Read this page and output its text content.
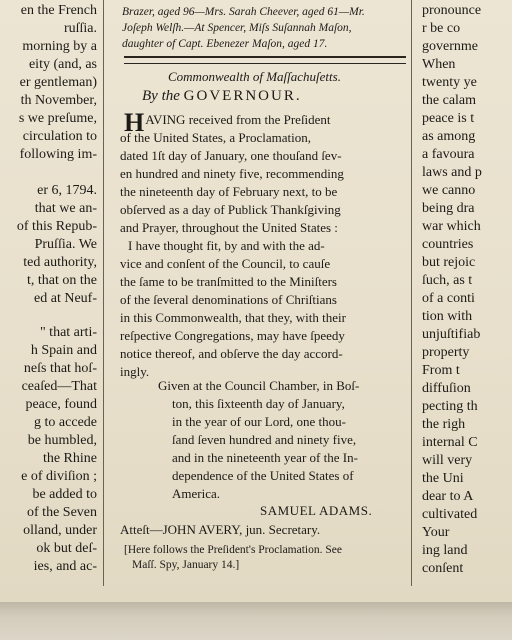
en the French
ruſſia.
morning by a
eity (and, as
er gentleman)
th November,
s we preſume,
circulation to
following im-
er 6, 1794.
that we an-
of this Repub-
Pruſſia. We
ted authority,
t, that on the
ed at Neuf-
" that arti-
h Spain and
neſs that hoſ-
ceaſed—That
peace, found
g to accede
be humbled,
the Rhine
e of diviſion ;
be added to
of the Seven
olland, under
ok but deſ-
ies, and ac-
Brazer, aged 96—Mrs. Sarah Cheever, aged 61—Mr.
Joſeph Welſh.—At Spencer, Miſs Suſannah Maſon,
daughter of Capt. Ebenezer Maſon, aged 17.
Commonwealth of Maſſachuſetts.
By the GOVERNOUR.
HAVING received from the Preſident
SAMUEL ADAMS.
Atteſt—JOHN AVERY, jun. Secretary.
[Here follows the Preſident's Proclamation. See
Maſſ. Spy, January 14.]
of the United States, a Proclamation,
dated 1ſt day of January, one thouſand ſev-
en hundred and ninety five, recommending
the nineteenth day of February next, to be
obſerved as a day of Publick Thankſgiving
and Prayer, throughout the United States :
I have thought fit, by and with the ad-
vice and conſent of the Council, to cauſe
the ſame to be tranſmitted to the Miniſters
of the ſeveral denominations of Chriſtians
in this Commonwealth, that they, with their
reſpective Congregations, may have ſpeedy
notice thereof, and obſerve the day accord-
ingly.
Given at the Council Chamber, in Boſ-
ton, this ſixteenth day of January,
in the year of our Lord, one thou-
ſand ſeven hundred and ninety five,
and in the nineteenth year of the In-
dependence of the United States of
America.
pronounce
r be co
governme
When
twenty ye
the calam
peace is t
as among
a favoura
laws and p
we canno
being dra
war which
countries
but rejoic
ſuch, as t
of a conti
tion with
unjuſtifiab
property
From t
diffuſion
pecting th
the righ
internal C
will very
the Uni
dear to A
cultivated
Your
ing land
conſent
